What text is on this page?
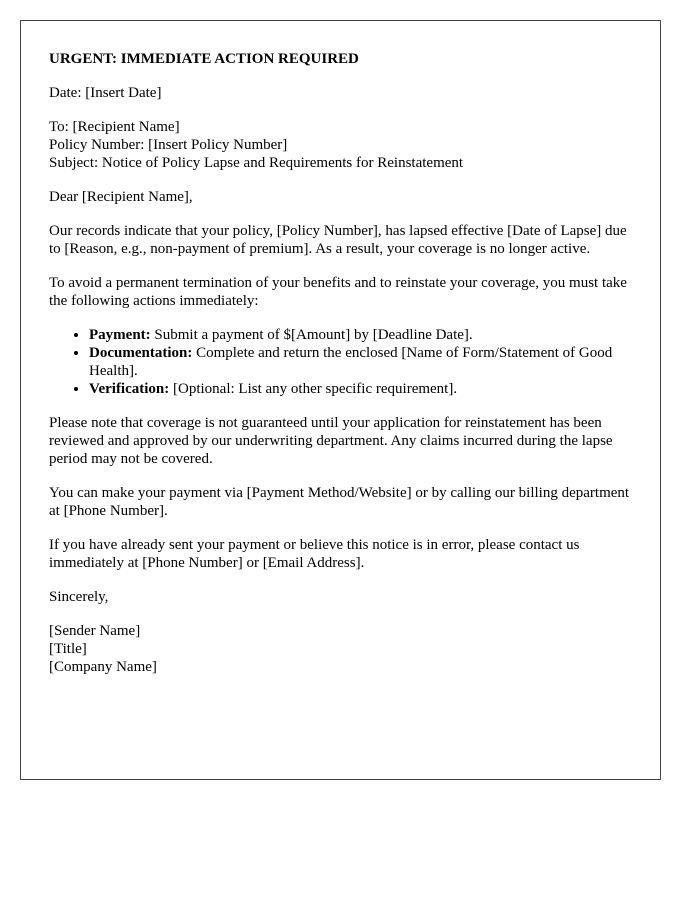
URGENT: IMMEDIATE ACTION REQUIRED

Date: [Insert Date]

To: [Recipient Name]
Policy Number: [Insert Policy Number]
Subject: Notice of Policy Lapse and Requirements for Reinstatement

Dear [Recipient Name],

Our records indicate that your policy, [Policy Number], has lapsed effective [Date of Lapse] due to [Reason, e.g., non-payment of premium]. As a result, your coverage is no longer active.

To avoid a permanent termination of your benefits and to reinstate your coverage, you must take the following actions immediately:

• Payment: Submit a payment of $[Amount] by [Deadline Date].
• Documentation: Complete and return the enclosed [Name of Form/Statement of Good Health].
• Verification: [Optional: List any other specific requirement].

Please note that coverage is not guaranteed until your application for reinstatement has been reviewed and approved by our underwriting department. Any claims incurred during the lapse period may not be covered.

You can make your payment via [Payment Method/Website] or by calling our billing department at [Phone Number].

If you have already sent your payment or believe this notice is in error, please contact us immediately at [Phone Number] or [Email Address].

Sincerely,

[Sender Name]
[Title]
[Company Name]
